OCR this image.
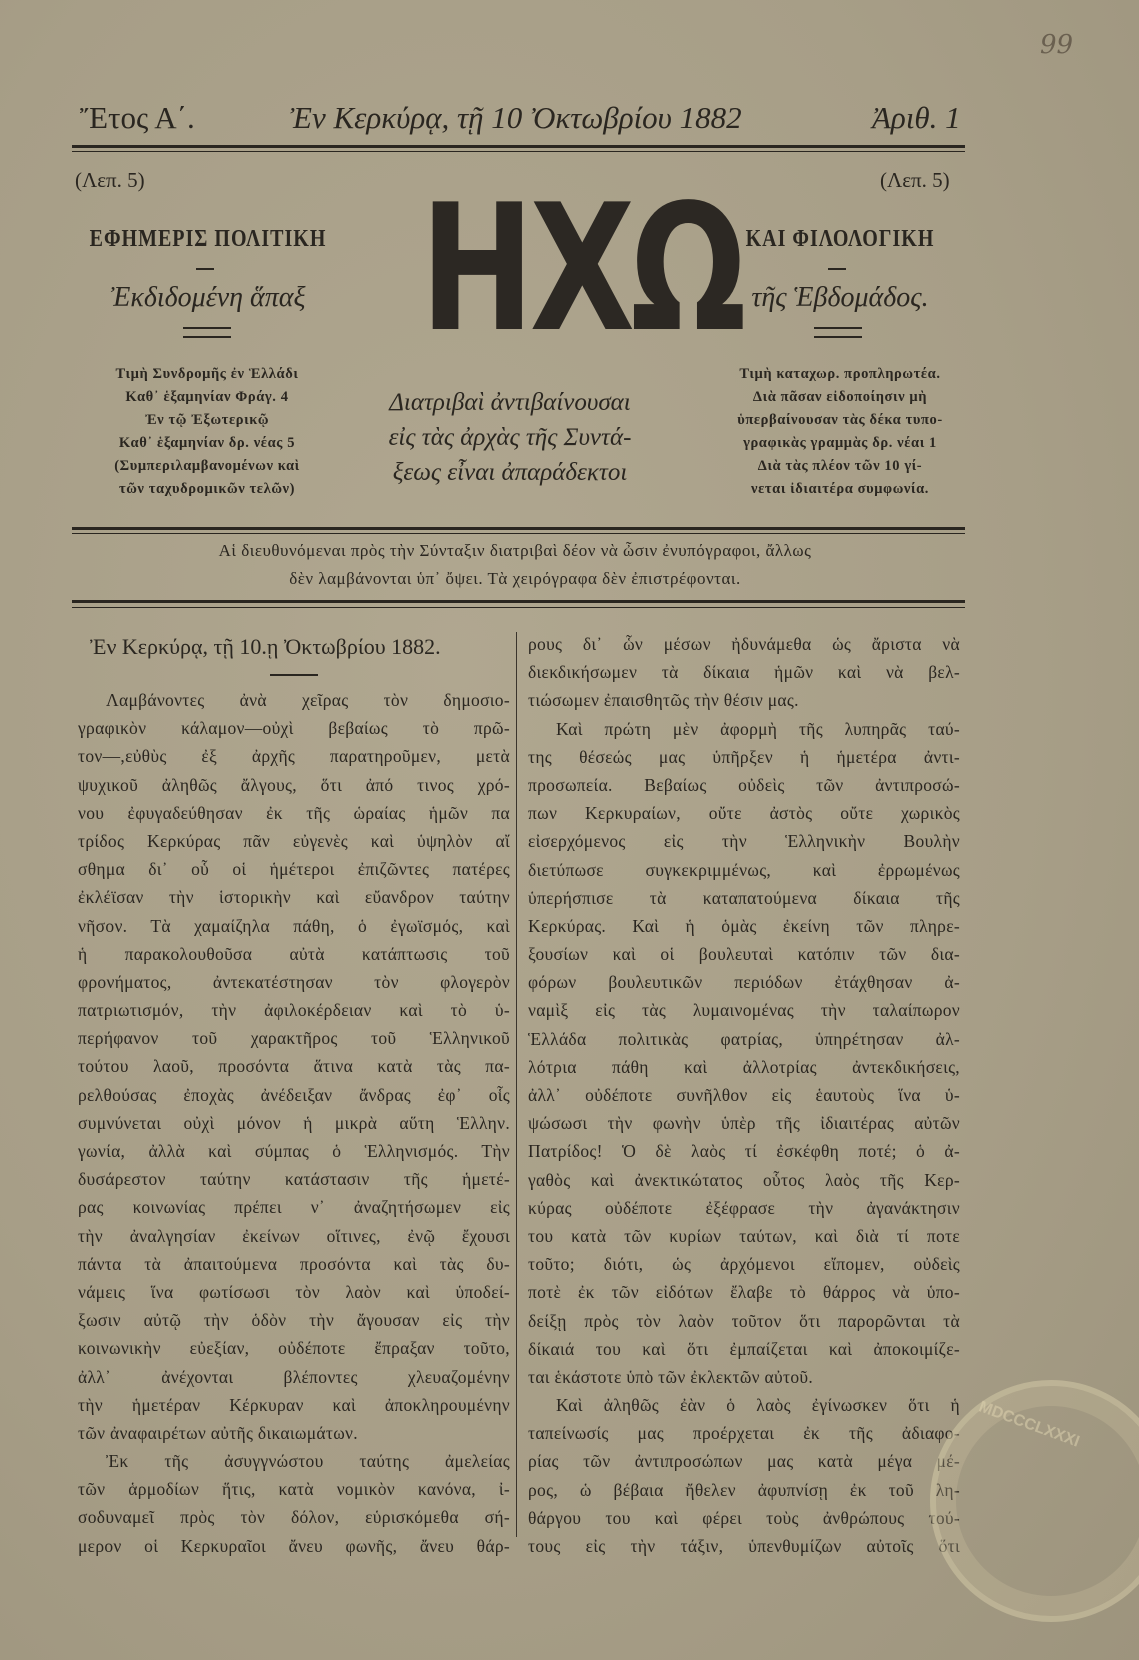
99
Ἔτος Α΄.	Ἐν Κερκύρᾳ, τῇ 10 Ὀκτωβρίου 1882	Ἀριθ. 1
(Λεπ. 5)	(Λεπ. 5)
ΗΧΩ
ΕΦΗΜΕΡΙΣ ΠΟΛΙΤΙΚΗ	ΚΑΙ ΦΙΛΟΛΟΓΙΚΗ
Ἐκδιδομένη ἅπαξ	τῆς Ἑβδομάδος.
Τιμὴ Συνδρομῆς ἐν Ἑλλάδι
Καθ᾽ ἑξαμηνίαν Φράγ. 4
Ἐν τῷ Ἐξωτερικῷ
Καθ᾽ ἑξαμηνίαν δρ. νέας 5
(Συμπεριλαμβανομένων καὶ
τῶν ταχυδρομικῶν τελῶν)
Διατριβαὶ ἀντιβαίνουσαι
εἰς τὰς ἀρχὰς τῆς Συντά-
ξεως εἶναι ἀπαράδεκτοι
Τιμὴ καταχωρ. προπληρωτέα.
Διὰ πᾶσαν εἰδοποίησιν μὴ
ὑπερβαίνουσαν τὰς δέκα τυπο-
γραφικὰς γραμμὰς δρ. νέαι 1
Διὰ τὰς πλέον τῶν 10 γί-
νεται ἰδιαιτέρα συμφωνία.
Αἱ διευθυνόμεναι πρὸς τὴν Σύνταξιν διατριβαὶ δέον νὰ ὦσιν ἐνυπόγραφοι, ἄλλως
δὲν λαμβάνονται ὑπ᾽ ὄψει. Τὰ χειρόγραφα δὲν ἐπιστρέφονται.
Ἐν Κερκύρᾳ, τῇ 10.ῃ Ὀκτωβρίου 1882.
Λαμβάνοντες ἀνὰ χεῖρας τὸν δημοσιο-
γραφικὸν κάλαμον—οὐχὶ βεβαίως τὸ πρῶ-
τον—,εὐθὺς ἐξ ἀρχῆς παρατηροῦμεν, μετὰ
ψυχικοῦ ἀληθῶς ἄλγους, ὅτι ἀπό τινος χρό-
νου ἐφυγαδεύθησαν ἐκ τῆς ὡραίας ἡμῶν πα
τρίδος Κερκύρας πᾶν εὐγενὲς καὶ ὑψηλὸν αἴ
σθημα δι᾽ οὗ οἱ ἡμέτεροι ἐπιζῶντες πατέρες
ἐκλέϊσαν τὴν ἱστορικὴν καὶ εὔανδρον ταύτην
νῆσον. Τὰ χαμαίζηλα πάθη, ὁ ἐγωϊσμός, καὶ
ἡ παρακολουθοῦσα αὐτὰ κατάπτωσις τοῦ
φρονήματος, ἀντεκατέστησαν τὸν φλογερὸν
πατριωτισμόν, τὴν ἀφιλοκέρδειαν καὶ τὸ ὑ-
περήφανον τοῦ χαρακτῆρος τοῦ Ἑλληνικοῦ
τούτου λαοῦ, προσόντα ἅτινα κατὰ τὰς πα-
ρελθούσας ἐποχὰς ἀνέδειξαν ἄνδρας ἐφ᾽ οἷς
συμνύνεται οὐχὶ μόνον ἡ μικρὰ αὕτη Ἑλλην.
γωνία, ἀλλὰ καὶ σύμπας ὁ Ἑλληνισμός. Τὴν
δυσάρεστον ταύτην κατάστασιν τῆς ἡμετέ-
ρας κοινωνίας πρέπει ν᾽ ἀναζητήσωμεν εἰς
τὴν ἀναλγησίαν ἐκείνων οἵτινες, ἐνῷ ἔχουσι
πάντα τὰ ἀπαιτούμενα προσόντα καὶ τὰς δυ-
νάμεις ἵνα φωτίσωσι τὸν λαὸν καὶ ὑποδεί-
ξωσιν αὐτῷ τὴν ὁδὸν τὴν ἄγουσαν εἰς τὴν
κοινωνικὴν εὐεξίαν, οὐδέποτε ἔπραξαν τοῦτο,
ἀλλ᾽ ἀνέχονται βλέποντες χλευαζομένην
τὴν ἡμετέραν Κέρκυραν καὶ ἀποκληρουμένην
τῶν ἀναφαιρέτων αὐτῆς δικαιωμάτων.
Ἐκ τῆς ἀσυγγνώστου ταύτης ἀμελείας
τῶν ἁρμοδίων ἥτις, κατὰ νομικὸν κανόνα, ἰ-
σοδυναμεῖ πρὸς τὸν δόλον, εὑρισκόμεθα σή-
μερον οἱ Κερκυραῖοι ἄνευ φωνῆς, ἄνευ θάρ-
ρους δι᾽ ὧν μέσων ἠδυνάμεθα ὡς ἄριστα νὰ
διεκδικήσωμεν τὰ δίκαια ἡμῶν καὶ νὰ βελ-
τιώσωμεν ἐπαισθητῶς τὴν θέσιν μας.
Καὶ πρώτη μὲν ἀφορμὴ τῆς λυπηρᾶς ταύ-
της θέσεώς μας ὑπῆρξεν ἡ ἡμετέρα ἀντι-
προσωπεία. Βεβαίως οὐδεὶς τῶν ἀντιπροσώ-
πων Κερκυραίων, οὔτε ἀστὸς οὔτε χωρικὸς
εἰσερχόμενος εἰς τὴν Ἑλληνικὴν Βουλὴν
διετύπωσε συγκεκριμμένως, καὶ ἐρρωμένως
ὑπερήσπισε τὰ καταπατούμενα δίκαια τῆς
Κερκύρας. Καὶ ἡ ὁμὰς ἐκείνη τῶν πληρε-
ξουσίων καὶ οἱ βουλευταὶ κατόπιν τῶν δια-
φόρων βουλευτικῶν περιόδων ἐτάχθησαν ἀ-
ναμὶξ εἰς τὰς λυμαινομένας τὴν ταλαίπωρον
Ἑλλάδα πολιτικὰς φατρίας, ὑπηρέτησαν ἀλ-
λότρια πάθη καὶ ἀλλοτρίας ἀντεκδικήσεις,
ἀλλ᾽ οὐδέποτε συνῆλθον εἰς ἑαυτοὺς ἵνα ὑ-
ψώσωσι τὴν φωνὴν ὑπὲρ τῆς ἰδιαιτέρας αὐτῶν
Πατρίδος! Ὁ δὲ λαὸς τί ἐσκέφθη ποτέ; ὁ ἀ-
γαθὸς καὶ ἀνεκτικώτατος οὗτος λαὸς τῆς Κερ-
κύρας οὐδέποτε ἐξέφρασε τὴν ἀγανάκτησιν
του κατὰ τῶν κυρίων ταύτων, καὶ διὰ τί ποτε
τοῦτο; διότι, ὡς ἀρχόμενοι εἴπομεν, οὐδεὶς
ποτὲ ἐκ τῶν εἰδότων ἔλαβε τὸ θάρρος νὰ ὑπο-
δείξῃ πρὸς τὸν λαὸν τοῦτον ὅτι παρορῶνται τὰ
δίκαιά του καὶ ὅτι ἐμπαίζεται καὶ ἀποκοιμίζε-
ται ἑκάστοτε ὑπὸ τῶν ἐκλεκτῶν αὐτοῦ.
Καὶ ἀληθῶς ἐὰν ὁ λαὸς ἐγίνωσκεν ὅτι ἡ
ταπείνωσίς μας προέρχεται ἐκ τῆς ἀδιαφο-
ρίας τῶν ἀντιπροσώπων μας κατὰ μέγα μέ-
ρος, ὡ βέβαια ἤθελεν ἀφυπνίσῃ ἐκ τοῦ λη-
θάργου του καὶ φέρει τοὺς ἀνθρώπους τού-
τους εἰς τὴν τάξιν, ὑπενθυμίζων αὐτοῖς ὅτι
MDCCCLXXXI
